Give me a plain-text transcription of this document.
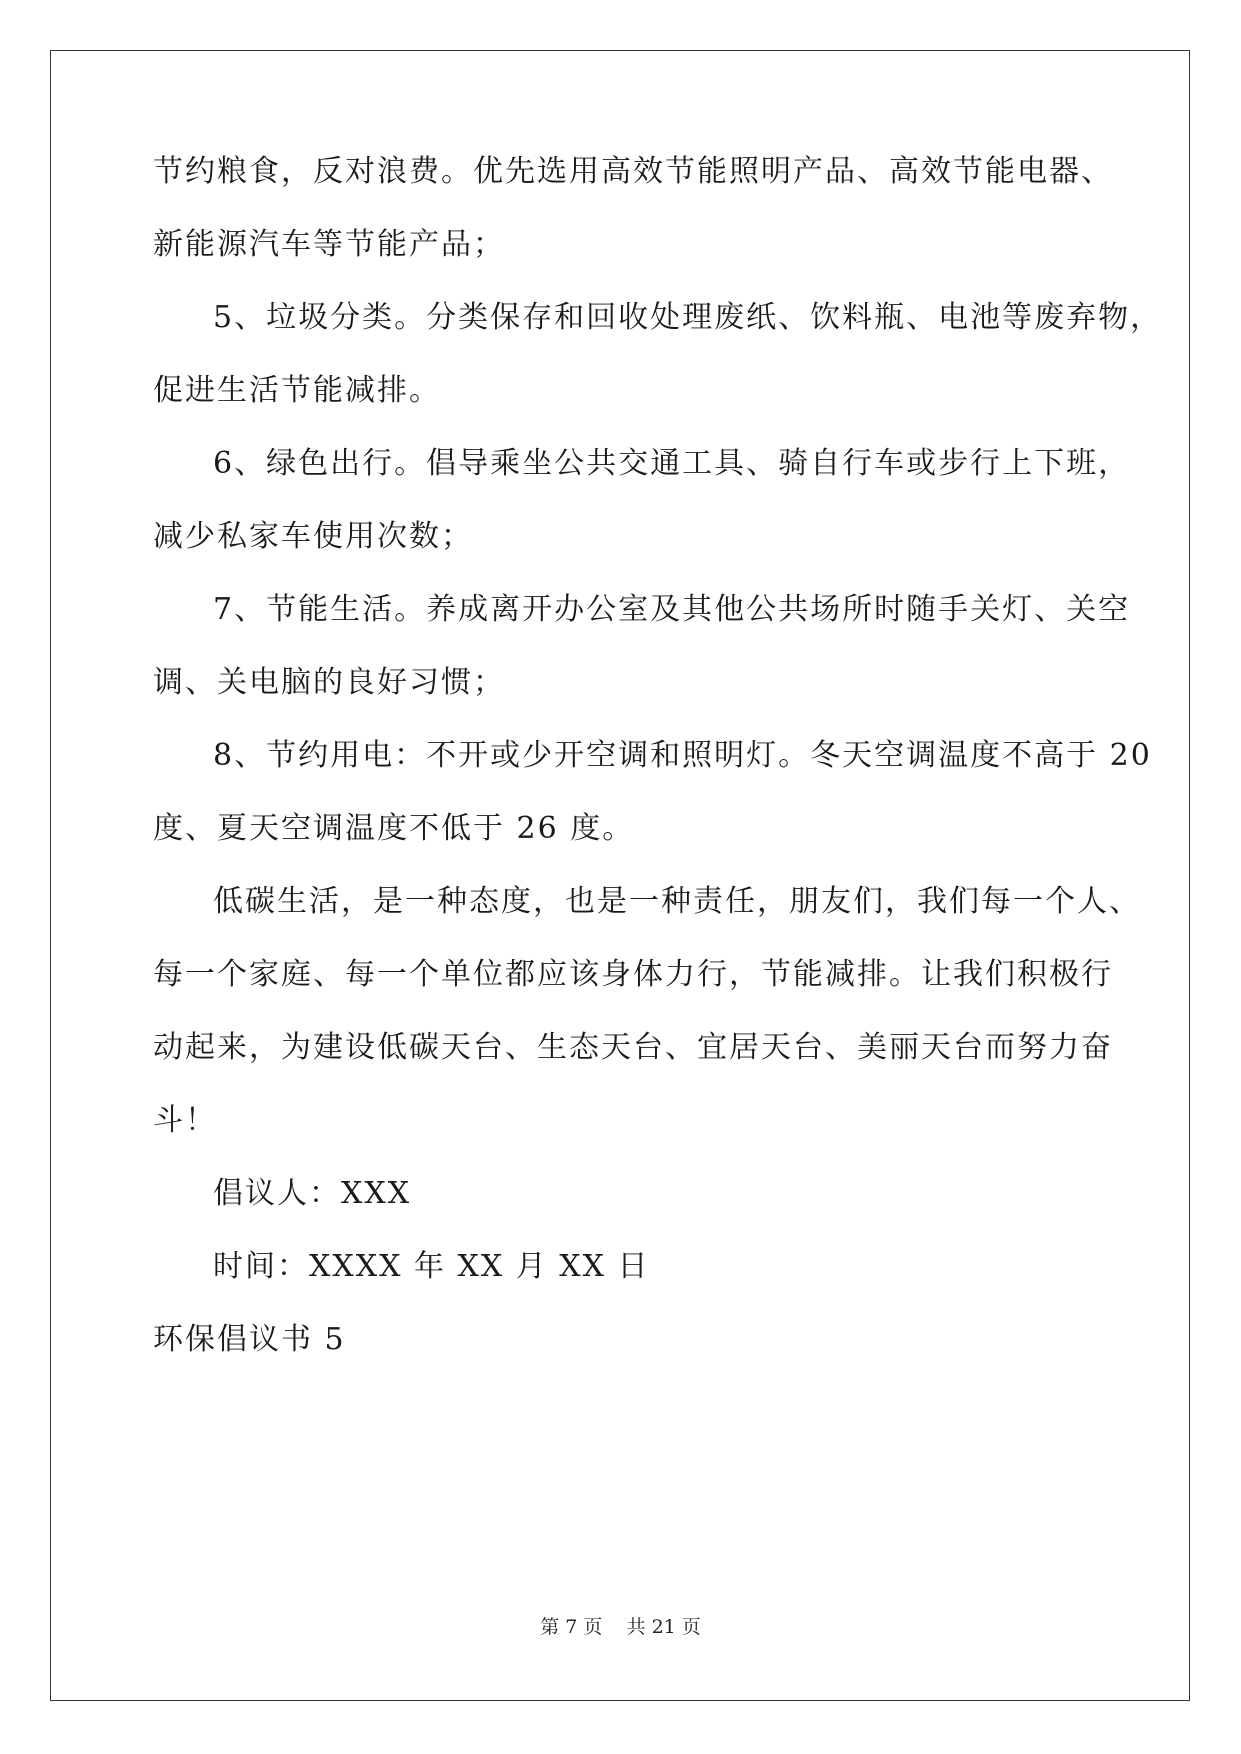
节约粮食，反对浪费。优先选用高效节能照明产品、高效节能电器、
新能源汽车等节能产品；
5、垃圾分类。分类保存和回收处理废纸、饮料瓶、电池等废弃物，
促进生活节能减排。
6、绿色出行。倡导乘坐公共交通工具、骑自行车或步行上下班，
减少私家车使用次数；
7、节能生活。养成离开办公室及其他公共场所时随手关灯、关空
调、关电脑的良好习惯；
8、节约用电：不开或少开空调和照明灯。冬天空调温度不高于 20
度、夏天空调温度不低于 26 度。
低碳生活，是一种态度，也是一种责任，朋友们，我们每一个人、
每一个家庭、每一个单位都应该身体力行，节能减排。让我们积极行
动起来，为建设低碳天台、生态天台、宜居天台、美丽天台而努力奋
斗！
倡议人：XXX
时间：XXXX 年 XX 月 XX 日
环保倡议书 5
第 7 页 共 21 页
